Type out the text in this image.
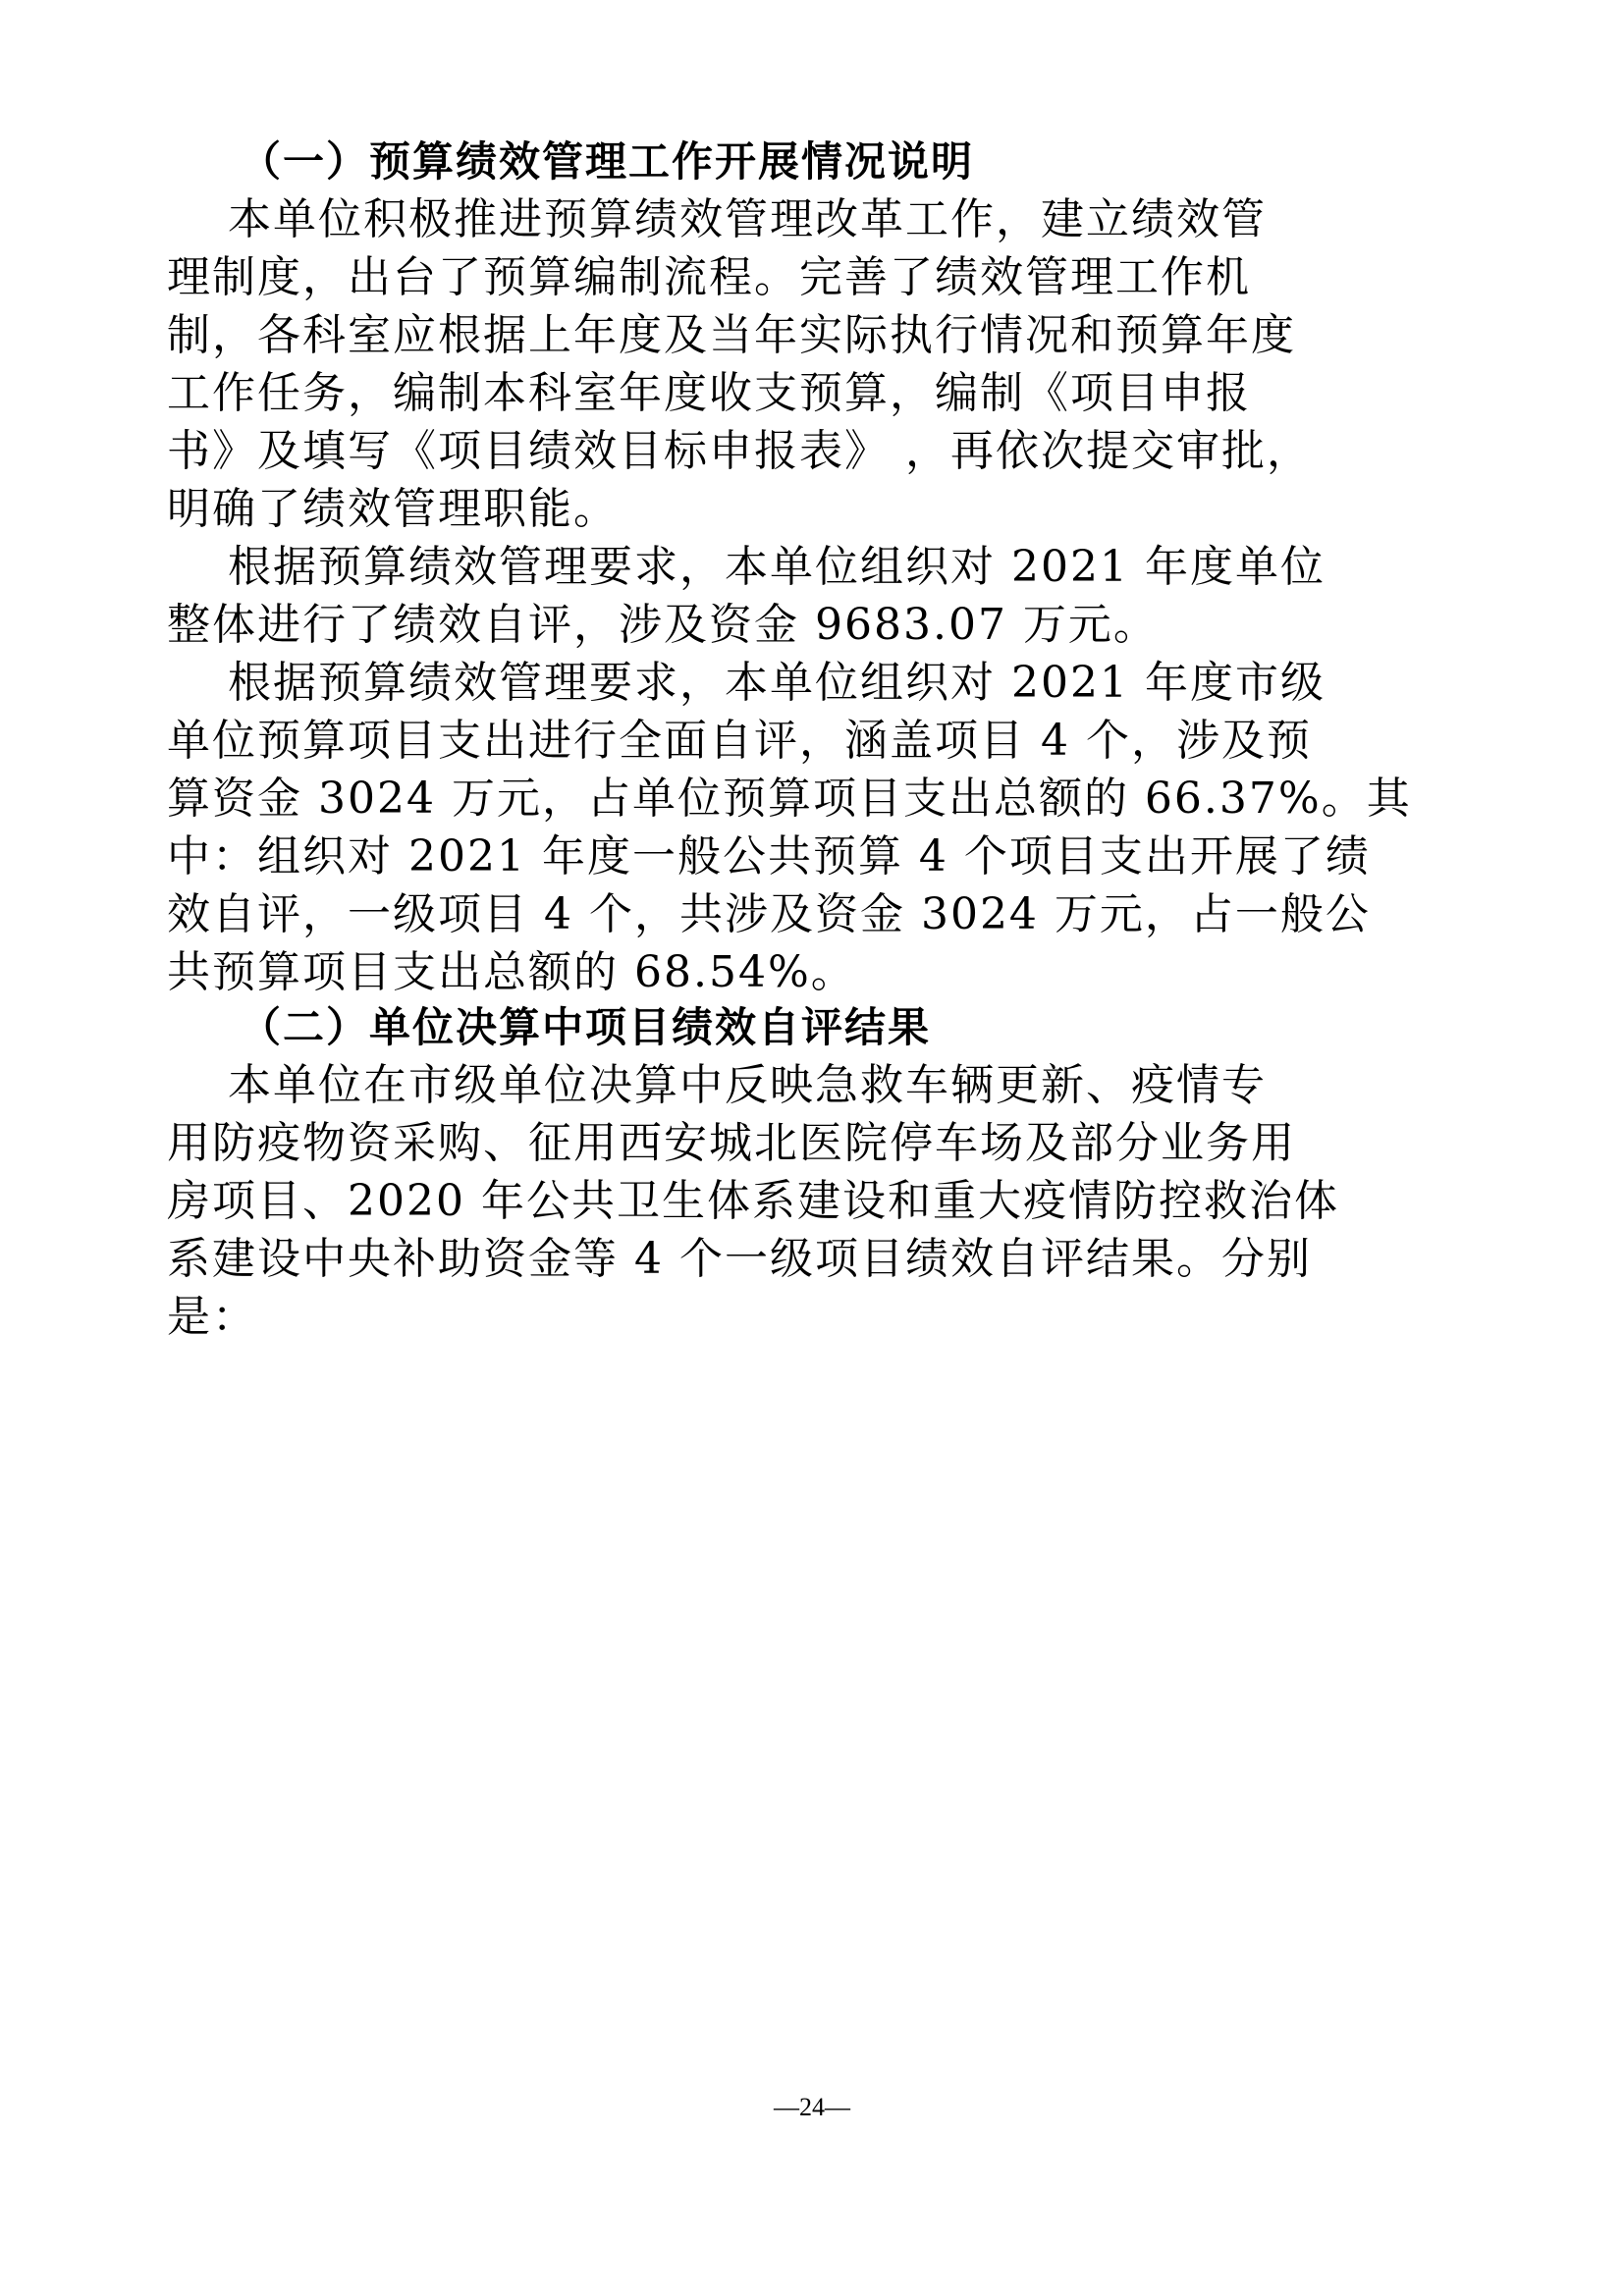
（一）预算绩效管理工作开展情况说明
本单位积极推进预算绩效管理改革工作，建立绩效管
理制度，出台了预算编制流程。完善了绩效管理工作机
制，各科室应根据上年度及当年实际执行情况和预算年度
工作任务，编制本科室年度收支预算，编制《项目申报
书》及填写《项目绩效目标申报表》 ，再依次提交审批，
明确了绩效管理职能。
根据预算绩效管理要求，本单位组织对 2021 年度单位
整体进行了绩效自评，涉及资金 9683.07 万元。
根据预算绩效管理要求，本单位组织对 2021 年度市级
单位预算项目支出进行全面自评，涵盖项目 4 个，涉及预
算资金 3024 万元，占单位预算项目支出总额的 66.37%。其
中：组织对 2021 年度一般公共预算 4 个项目支出开展了绩
效自评，一级项目 4 个，共涉及资金 3024 万元，占一般公
共预算项目支出总额的 68.54%。
（二）单位决算中项目绩效自评结果
本单位在市级单位决算中反映急救车辆更新、疫情专
用防疫物资采购、征用西安城北医院停车场及部分业务用
房项目、2020 年公共卫生体系建设和重大疫情防控救治体
系建设中央补助资金等 4 个一级项目绩效自评结果。分别
是：
—24—
